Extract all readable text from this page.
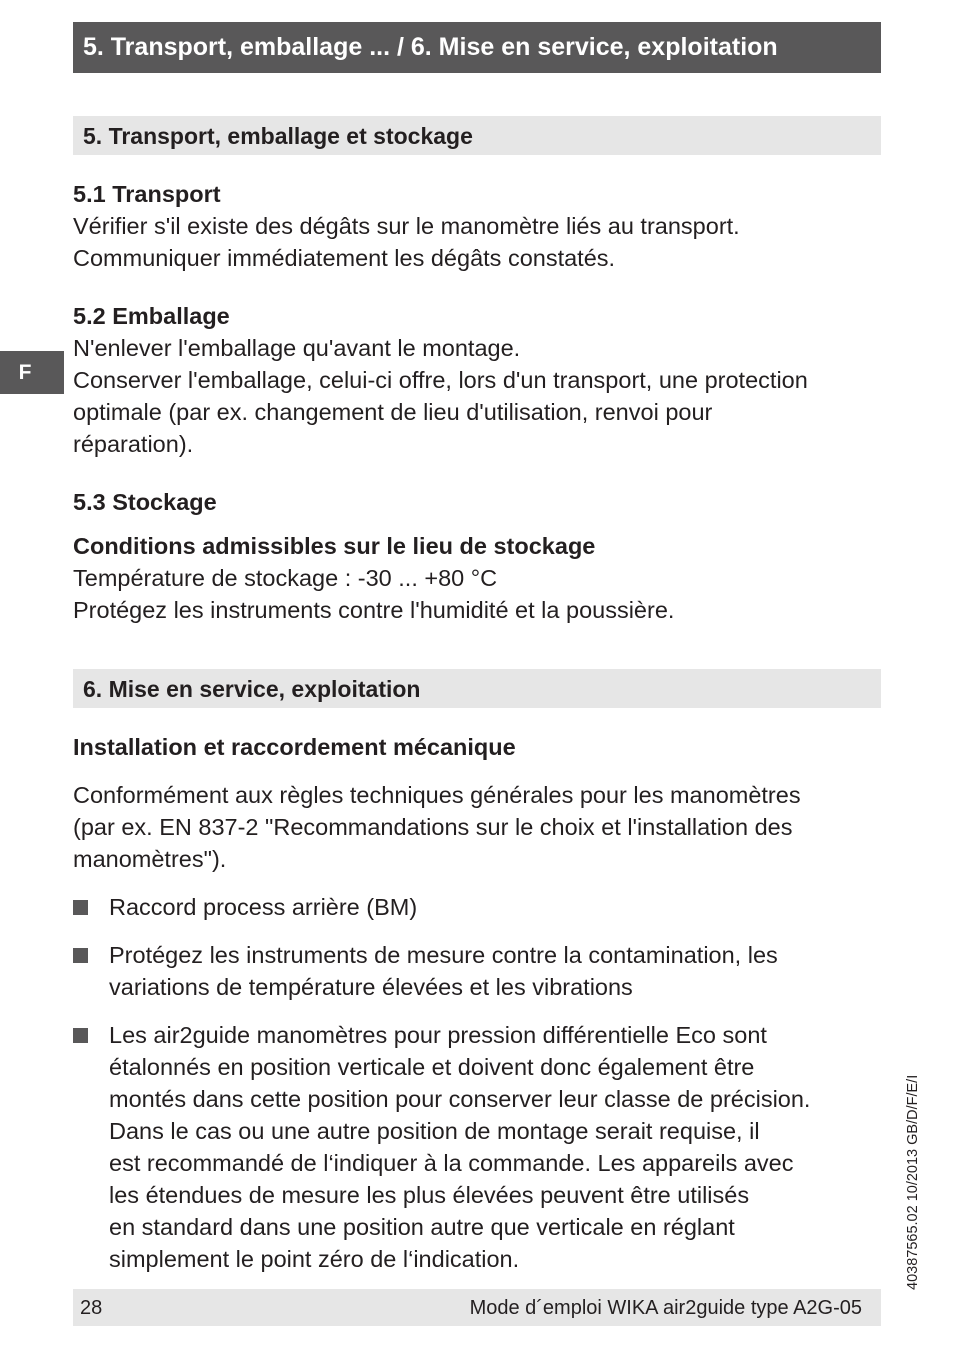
5. Transport, emballage ... / 6. Mise en service, exploitation
F
5. Transport, emballage et stockage
5.1 Transport
Vérifier s'il existe des dégâts sur le manomètre liés au transport.
Communiquer immédiatement les dégâts constatés.
5.2 Emballage
N'enlever l'emballage qu'avant le montage.
Conserver l'emballage, celui-ci offre, lors d'un transport, une protection
optimale (par ex. changement de lieu d'utilisation, renvoi pour
réparation).
5.3 Stockage
Conditions admissibles sur le lieu de stockage
Température de stockage : -30 ... +80 °C
Protégez les instruments contre l'humidité et la poussière.
6. Mise en service, exploitation
Installation et raccordement mécanique
Conformément aux règles techniques générales pour les manomètres
(par ex. EN 837-2 "Recommandations sur le choix et l'installation des
manomètres").
Raccord process arrière (BM)
Protégez les instruments de mesure contre la contamination, les
variations de température élevées et les vibrations
Les air2guide manomètres pour pression différentielle Eco sont
étalonnés en position verticale et doivent donc également être
montés dans cette position pour conserver leur classe de précision.
Dans le cas ou une autre position de montage serait requise, il
est recommandé de l‘indiquer à la commande. Les appareils avec
les étendues de mesure les plus élevées peuvent être utilisés
en standard dans une position autre que verticale en réglant
simplement le point zéro de l‘indication.	40387565.02 10/2013 GB/D/F/E/I
28	Mode d´emploi WIKA air2guide type A2G-05
